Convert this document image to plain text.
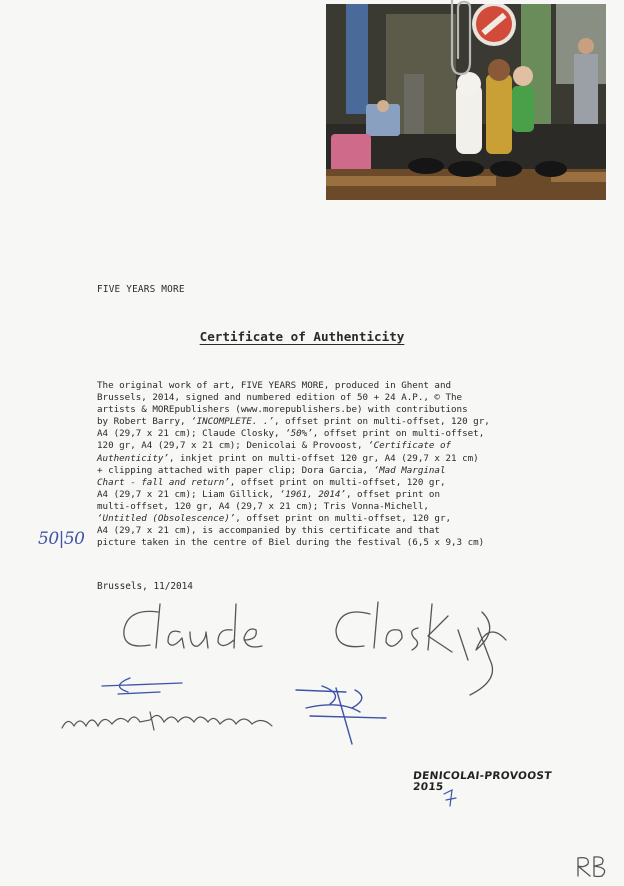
FIVE YEARS MORE
Certificate of Authenticity
The original work of art, FIVE YEARS MORE, produced in Ghent and
Brussels, 2014, signed and numbered edition of 50 + 24 A.P., © The
artists & MOREpublishers (www.morepublishers.be) with contributions
by Robert Barry, ‘INCOMPLETE. .’, offset print on multi-offset, 120 gr,
A4 (29,7 x 21 cm); Claude Closky, ‘50%’, offset print on multi-offset,
120 gr, A4 (29,7 x 21 cm); Denicolai & Provoost, ‘Certificate of
Authenticity’, inkjet print on multi-offset 120 gr, A4 (29,7 x 21 cm)
+ clipping attached with paper clip; Dora Garcia, ‘Mad Marginal
Chart - fall and return’, offset print on multi-offset, 120 gr,
A4 (29,7 x 21 cm); Liam Gillick, ‘1961, 2014’, offset print on
multi-offset, 120 gr, A4 (29,7 x 21 cm); Tris Vonna-Michell,
‘Untitled (Obsolescence)’, offset print on multi-offset, 120 gr,
A4 (29,7 x 21 cm), is accompanied by this certificate and that
picture taken in the centre of Biel during the festival (6,5 x 9,3 cm)
50|50
Brussels, 11/2014
DENICOLAI-PROVOOST
2015
